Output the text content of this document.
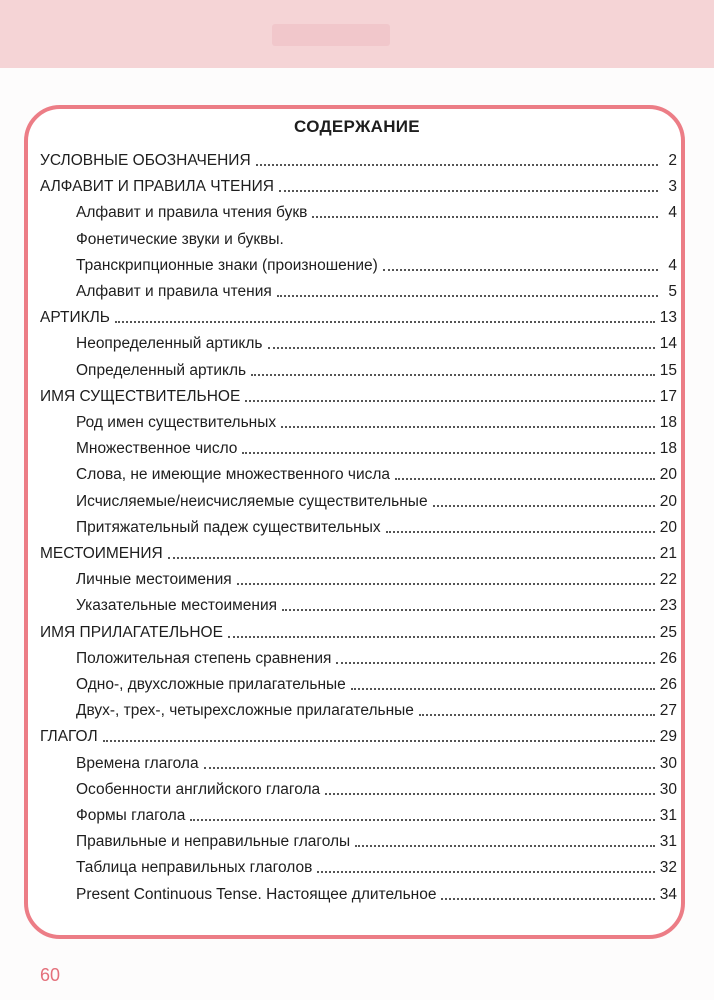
СОДЕРЖАНИЕ
УСЛОВНЫЕ ОБОЗНАЧЕНИЯ	2
АЛФАВИТ И ПРАВИЛА ЧТЕНИЯ	3
Алфавит и правила чтения букв	4
Фонетические звуки и буквы.
Транскрипционные знаки (произношение)	4
Алфавит и правила чтения	5
АРТИКЛЬ	13
Неопределенный артикль	14
Определенный артикль	15
ИМЯ СУЩЕСТВИТЕЛЬНОЕ	17
Род имен существительных	18
Множественное число	18
Слова, не имеющие множественного числа	20
Исчисляемые/неисчисляемые существительные	20
Притяжательный падеж существительных	20
МЕСТОИМЕНИЯ	21
Личные местоимения	22
Указательные местоимения	23
ИМЯ ПРИЛАГАТЕЛЬНОЕ	25
Положительная степень сравнения	26
Одно-, двухсложные прилагательные	26
Двух-, трех-, четырехсложные прилагательные	27
ГЛАГОЛ	29
Времена глагола	30
Особенности английского глагола	30
Формы глагола	31
Правильные и неправильные глаголы	31
Таблица неправильных глаголов	32
Present Continuous Tense. Настоящее длительное	34
60
